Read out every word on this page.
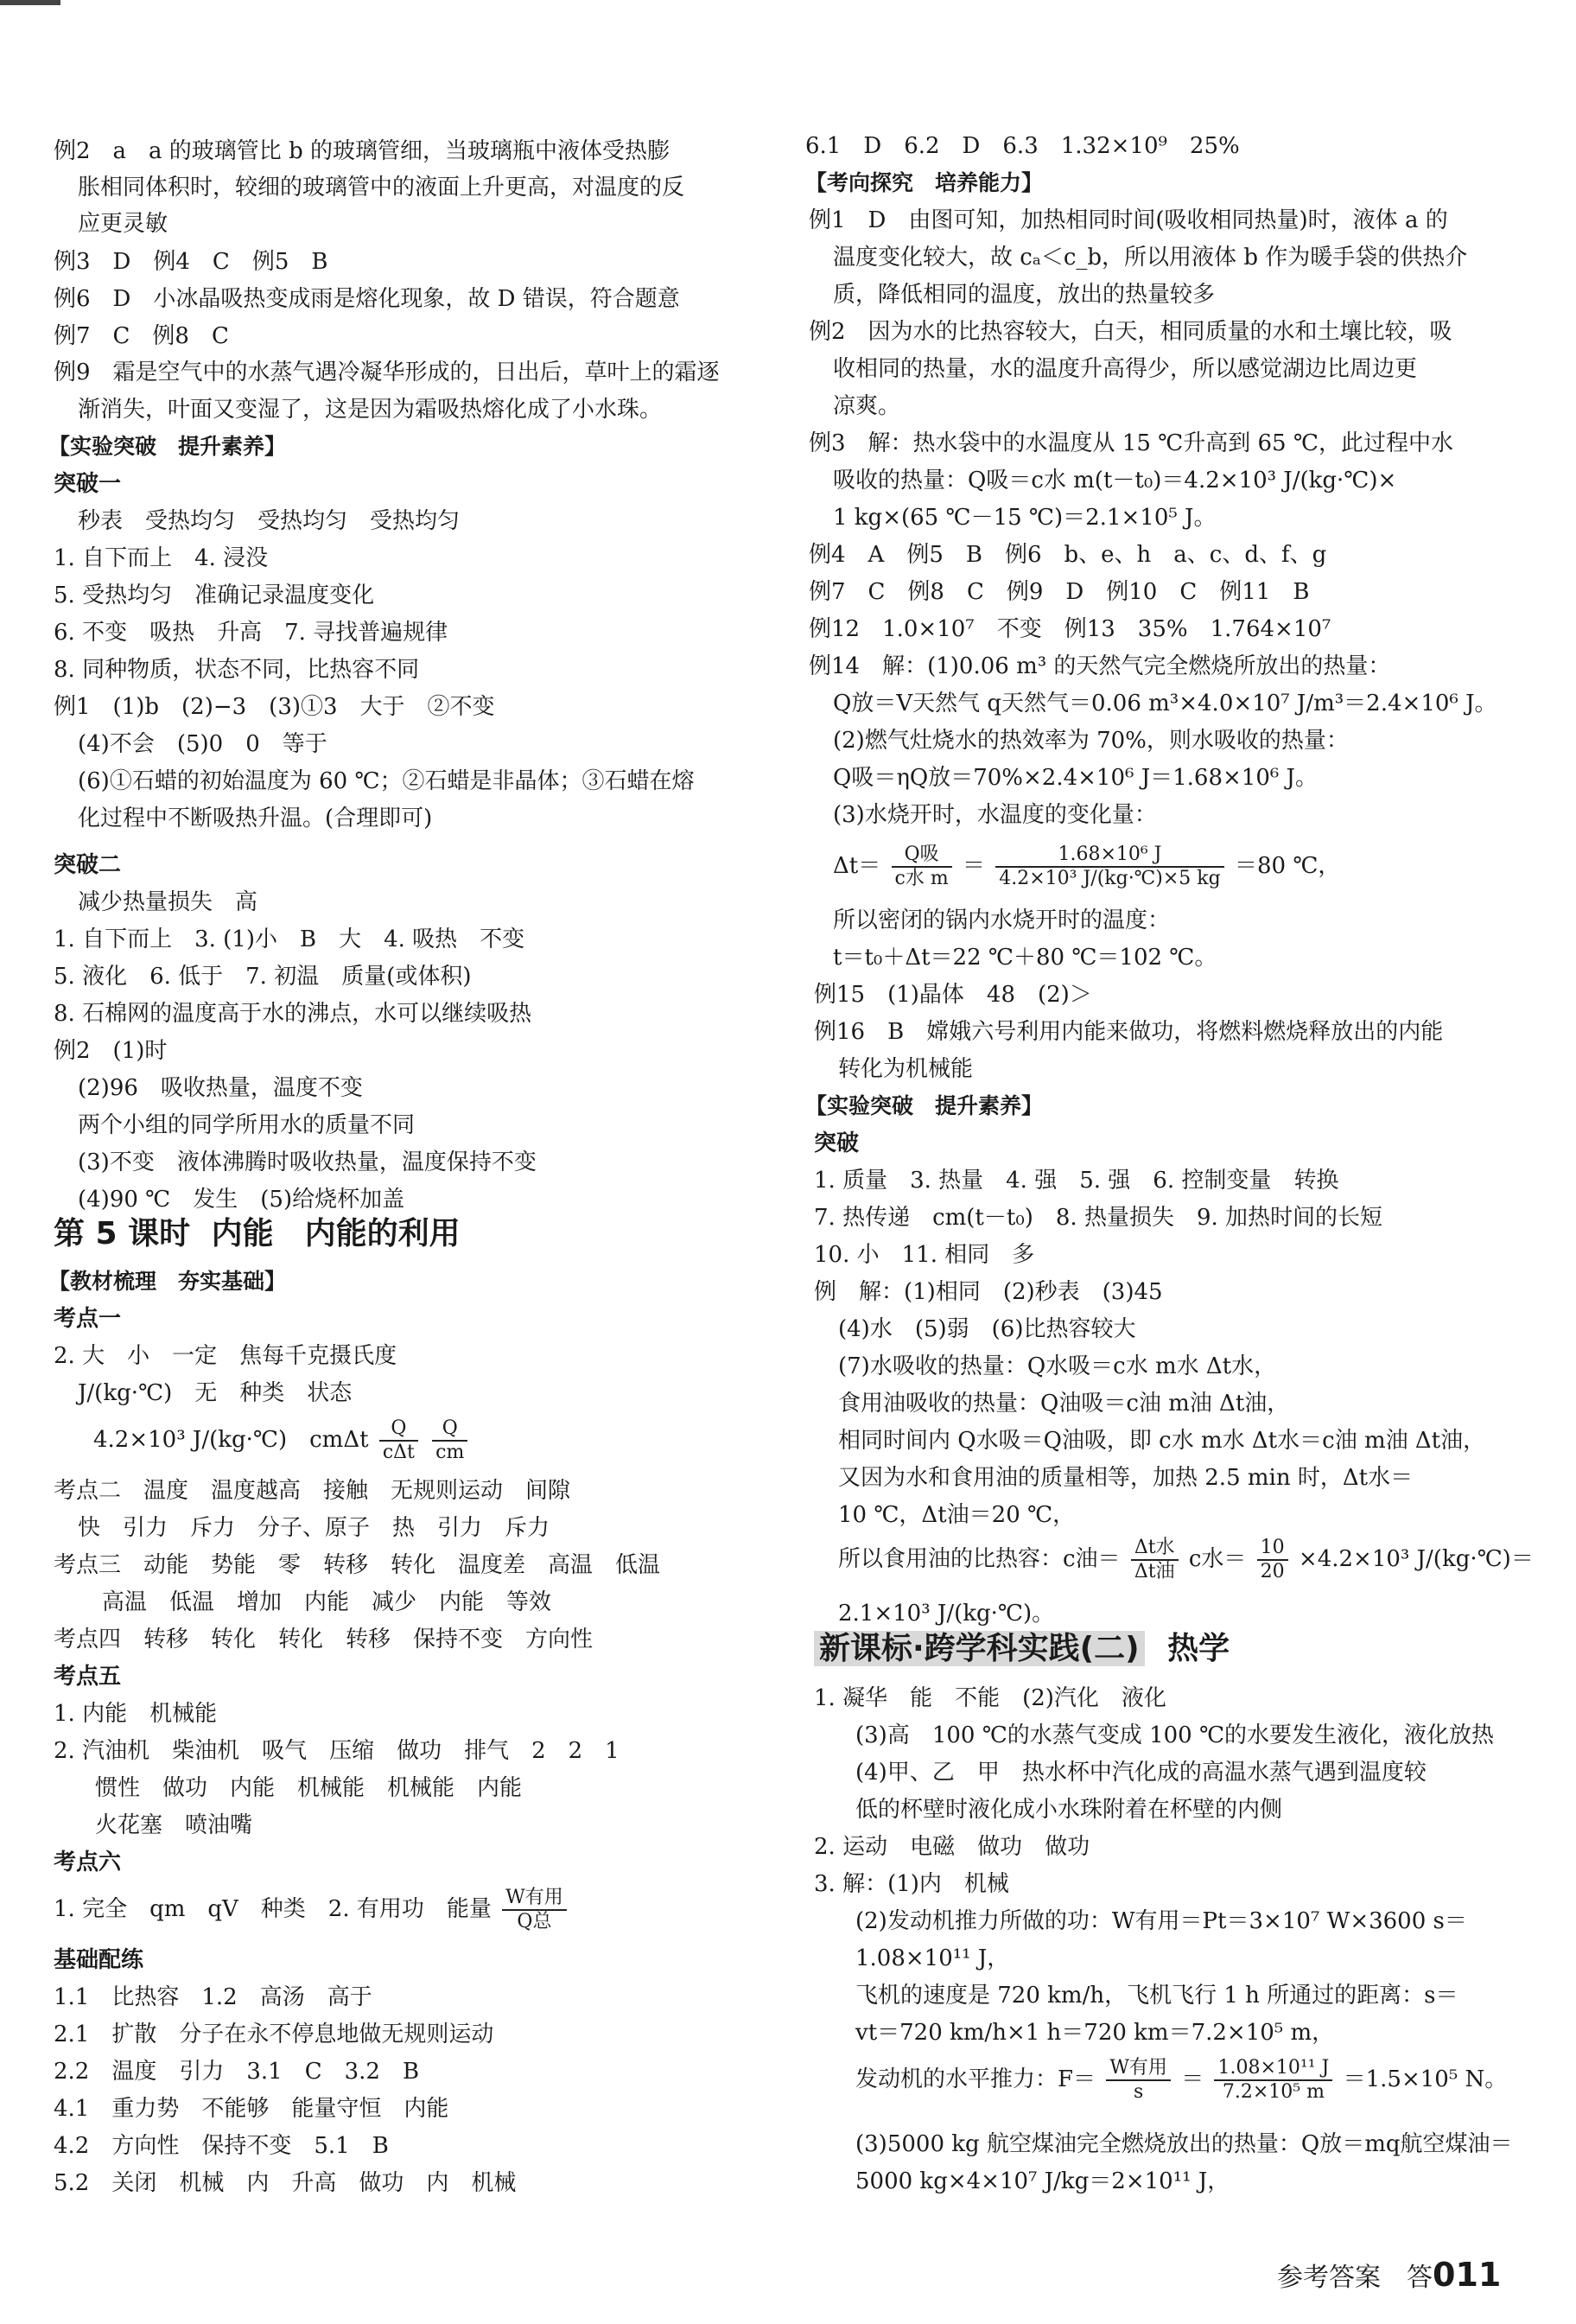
第 5 课时 内能　内能的利用
4.2×10³ J/(kg·℃)　cmΔt $\frac{Q}{\text{cΔt}}$
$\frac{Q}{cm}$
1. 完全　qm　qV　种类　2. 有用功　能量 $\frac{\text{W有用}}{\text{Q总}}$
$\Delta t= \frac{\text{Q吸}}{\text{c水 m}} = \frac{\text{1.68×10⁶ J}}{\text{4.2×10³ J/(kg·℃)×5 kg}} =80$ ℃，
所以食用油的比热容：c油＝ $\frac{\text{Δt水}}{\text{Δt油}}$ c水＝ $\frac{10}{20} \times 4.2\times 10^3$ J/(kg·℃)＝
新课标·跨学科实践(二) 热学
发动机的水平推力：$F= \frac{\text{W有用}}{s} = \frac{\text{1.08×10¹¹ J}}{\text{7.2×10⁵ m}} =1.5\times 10^5$ N。
参考答案　答011
例2　a　a 的玻璃管比 b 的玻璃管细，当玻璃瓶中液体受热膨
胀相同体积时，较细的玻璃管中的液面上升更高，对温度的反
应更灵敏
例3　D　例4　C　例5　B
例6　D　小冰晶吸热变成雨是熔化现象，故 D 错误，符合题意
例7　C　例8　C
例9　霜是空气中的水蒸气遇冷凝华形成的，日出后，草叶上的霜逐
渐消失，叶面又变湿了，这是因为霜吸热熔化成了小水珠。
【实验突破　提升素养】
突破一
秒表　受热均匀　受热均匀　受热均匀
1. 自下而上　4. 浸没
5. 受热均匀　准确记录温度变化
6. 不变　吸热　升高　7. 寻找普遍规律
8. 同种物质，状态不同，比热容不同
例1　(1)b　(2)−3　(3)①3　大于　②不变
(4)不会　(5)0　0　等于
(6)①石蜡的初始温度为 60 ℃；②石蜡是非晶体；③石蜡在熔
化过程中不断吸热升温。(合理即可)
突破二
减少热量损失　高
1. 自下而上　3. (1)小　B　大　4. 吸热　不变
5. 液化　6. 低于　7. 初温　质量(或体积)
8. 石棉网的温度高于水的沸点，水可以继续吸热
例2　(1)时
(2)96　吸收热量，温度不变
两个小组的同学所用水的质量不同
(3)不变　液体沸腾时吸收热量，温度保持不变
(4)90 ℃　发生　(5)给烧杯加盖
【教材梳理　夯实基础】
考点一
2. 大　小　一定　焦每千克摄氏度
J/(kg·℃)　无　种类　状态
考点二　温度　温度越高　接触　无规则运动　间隙
快　引力　斥力　分子、原子　热　引力　斥力
考点三　动能　势能　零　转移　转化　温度差　高温　低温
高温　低温　增加　内能　减少　内能　等效
考点四　转移　转化　转化　转移　保持不变　方向性
考点五
1. 内能　机械能
2. 汽油机　柴油机　吸气　压缩　做功　排气　2　2　1
惯性　做功　内能　机械能　机械能　内能
火花塞　喷油嘴
考点六
基础配练
1.1　比热容　1.2　高汤　高于
2.1　扩散　分子在永不停息地做无规则运动
2.2　温度　引力　3.1　C　3.2　B
4.1　重力势　不能够　能量守恒　内能
4.2　方向性　保持不变　5.1　B
5.2　关闭　机械　内　升高　做功　内　机械
6.1　D　6.2　D　6.3　1.32×10⁹　25%
【考向探究　培养能力】
例1　D　由图可知，加热相同时间(吸收相同热量)时，液体 a 的
温度变化较大，故 cₐ＜c_b，所以用液体 b 作为暖手袋的供热介
质，降低相同的温度，放出的热量较多
例2　因为水的比热容较大，白天，相同质量的水和土壤比较，吸
收相同的热量，水的温度升高得少，所以感觉湖边比周边更
凉爽。
例3　解：热水袋中的水温度从 15 ℃升高到 65 ℃，此过程中水
吸收的热量：Q吸＝c水 m(t－t₀)＝4.2×10³ J/(kg·℃)×
1 kg×(65 ℃－15 ℃)＝2.1×10⁵ J。
例4　A　例5　B　例6　b、e、h　a、c、d、f、g
例7　C　例8　C　例9　D　例10　C　例11　B
例12　1.0×10⁷　不变　例13　35%　1.764×10⁷
例14　解：(1)0.06 m³ 的天然气完全燃烧所放出的热量：
Q放＝V天然气 q天然气＝0.06 m³×4.0×10⁷ J/m³＝2.4×10⁶ J。
(2)燃气灶烧水的热效率为 70%，则水吸收的热量：
Q吸＝ηQ放＝70%×2.4×10⁶ J＝1.68×10⁶ J。
(3)水烧开时，水温度的变化量：
所以密闭的锅内水烧开时的温度：
t＝t₀＋Δt＝22 ℃＋80 ℃＝102 ℃。
例15　(1)晶体　48　(2)＞
例16　B　嫦娥六号利用内能来做功，将燃料燃烧释放出的内能
转化为机械能
【实验突破　提升素养】
突破
1. 质量　3. 热量　4. 强　5. 强　6. 控制变量　转换
7. 热传递　cm(t－t₀)　8. 热量损失　9. 加热时间的长短
10. 小　11. 相同　多
例　解：(1)相同　(2)秒表　(3)45
(4)水　(5)弱　(6)比热容较大
(7)水吸收的热量：Q水吸＝c水 m水 Δt水，
食用油吸收的热量：Q油吸＝c油 m油 Δt油，
相同时间内 Q水吸＝Q油吸，即 c水 m水 Δt水＝c油 m油 Δt油，
又因为水和食用油的质量相等，加热 2.5 min 时，Δt水＝
10 ℃，Δt油＝20 ℃，
2.1×10³ J/(kg·℃)。
1. 凝华　能　不能　(2)汽化　液化
(3)高　100 ℃的水蒸气变成 100 ℃的水要发生液化，液化放热
(4)甲、乙　甲　热水杯中汽化成的高温水蒸气遇到温度较
低的杯壁时液化成小水珠附着在杯壁的内侧
2. 运动　电磁　做功　做功
3. 解：(1)内　机械
(2)发动机推力所做的功：W有用＝Pt＝3×10⁷ W×3600 s＝
1.08×10¹¹ J，
飞机的速度是 720 km/h，飞机飞行 1 h 所通过的距离：s＝
vt＝720 km/h×1 h＝720 km＝7.2×10⁵ m，
(3)5000 kg 航空煤油完全燃烧放出的热量：Q放＝mq航空煤油＝
5000 kg×4×10⁷ J/kg＝2×10¹¹ J，
